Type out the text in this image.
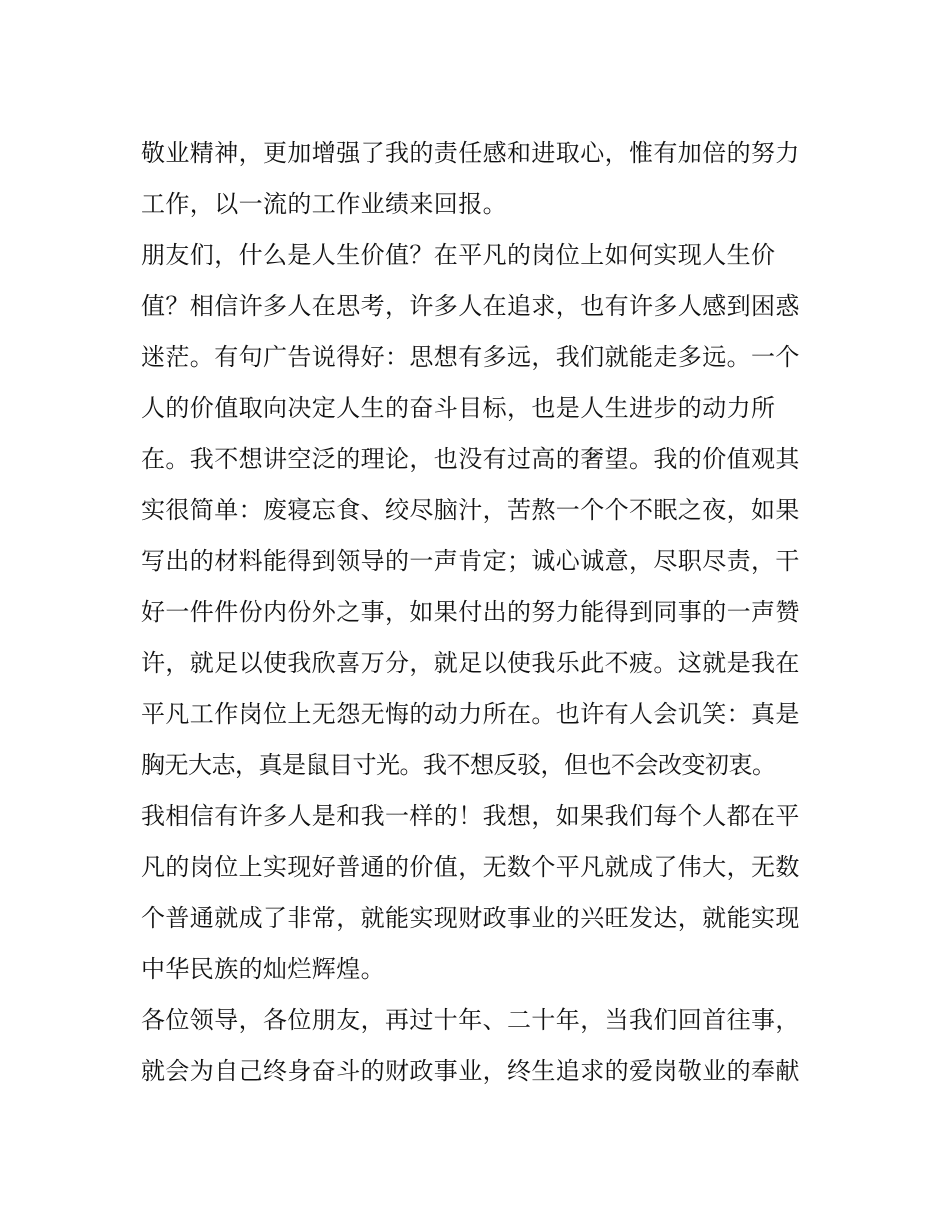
敬业精神，更加增强了我的责任感和进取心，惟有加倍的努力
工作，以一流的工作业绩来回报。
朋友们，什么是人生价值？在平凡的岗位上如何实现人生价
值？相信许多人在思考，许多人在追求，也有许多人感到困惑
迷茫。有句广告说得好：思想有多远，我们就能走多远。一个
人的价值取向决定人生的奋斗目标，也是人生进步的动力所
在。我不想讲空泛的理论，也没有过高的奢望。我的价值观其
实很简单：废寝忘食、绞尽脑汁，苦熬一个个不眠之夜，如果
写出的材料能得到领导的一声肯定；诚心诚意，尽职尽责，干
好一件件份内份外之事，如果付出的努力能得到同事的一声赞
许，就足以使我欣喜万分，就足以使我乐此不疲。这就是我在
平凡工作岗位上无怨无悔的动力所在。也许有人会讥笑：真是
胸无大志，真是鼠目寸光。我不想反驳，但也不会改变初衷。
我相信有许多人是和我一样的！我想，如果我们每个人都在平
凡的岗位上实现好普通的价值，无数个平凡就成了伟大，无数
个普通就成了非常，就能实现财政事业的兴旺发达，就能实现
中华民族的灿烂辉煌。
各位领导，各位朋友，再过十年、二十年，当我们回首往事，
就会为自己终身奋斗的财政事业，终生追求的爱岗敬业的奉献
